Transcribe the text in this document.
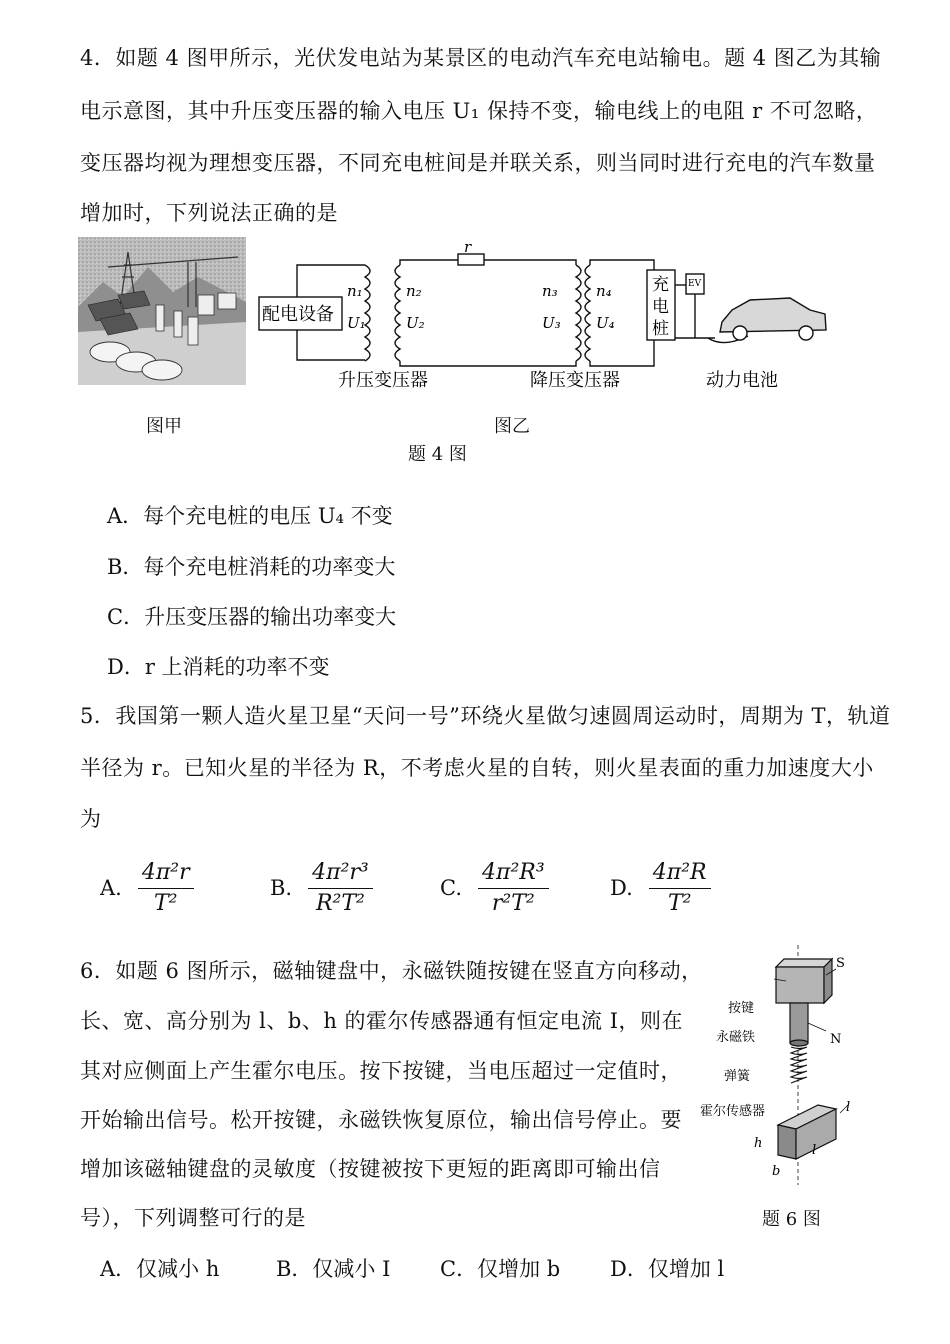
4．如题 4 图甲所示，光伏发电站为某景区的电动汽车充电站输电。题 4 图乙为其输
电示意图，其中升压变压器的输入电压 U₁ 保持不变，输电线上的电阻 r 不可忽略，
变压器均视为理想变压器，不同充电桩间是并联关系，则当同时进行充电的汽车数量
增加时，下列说法正确的是
配电设备
r
n₁
U₁
n₂
U₂
n₃
U₃
n₄
U₄
充
电
桩
EV
升压变压器	降压变压器	动力电池
图甲	图乙
题 4 图
A．每个充电桩的电压 U₄ 不变
B．每个充电桩消耗的功率变大
C．升压变压器的输出功率变大
D．r 上消耗的功率不变
5．我国第一颗人造火星卫星“天问一号”环绕火星做匀速圆周运动时，周期为 T，轨道
半径为 r。已知火星的半径为 R，不考虑火星的自转，则火星表面的重力加速度大小
为
A. $\frac{\text{4π²r}}{\text{T²}}$	B. $\frac{\text{4π²r³}}{\text{R²T²}}$	C. $\frac{\text{4π²R³}}{\text{r²T²}}$	D. $\frac{\text{4π²R}}{\text{T²}}$
6．如题 6 图所示，磁轴键盘中，永磁铁随按键在竖直方向移动，
长、宽、高分别为 l、b、h 的霍尔传感器通有恒定电流 I，则在
其对应侧面上产生霍尔电压。按下按键，当电压超过一定值时，
开始输出信号。松开按键，永磁铁恢复原位，输出信号停止。要
增加该磁轴键盘的灵敏度（按键被按下更短的距离即可输出信
号），下列调整可行的是
按键
永磁铁
弹簧
霍尔传感器
S
N
l
h	l
b
题 6 图
A．仅减小 h	B．仅减小 I C．仅增加 b D．仅增加 l
